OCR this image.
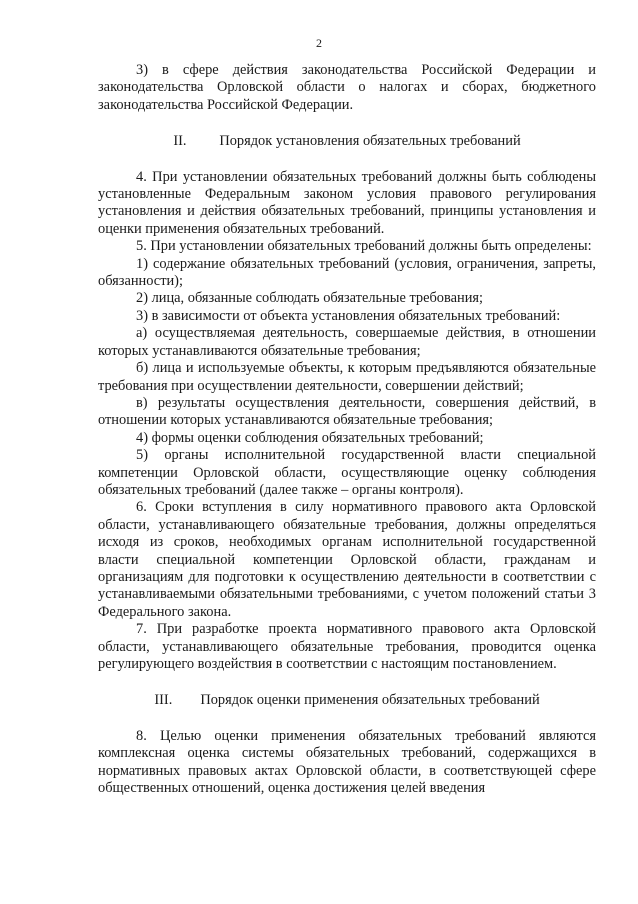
2

3) в сфере действия законодательства Российской Федерации и законодательства Орловской области о налогах и сборах, бюджетного законодательства Российской Федерации.

II. Порядок установления обязательных требований

4. При установлении обязательных требований должны быть соблюдены установленные Федеральным законом условия правового регулирования установления и действия обязательных требований, принципы установления и оценки применения обязательных требований.

5. При установлении обязательных требований должны быть определены:

1) содержание обязательных требований (условия, ограничения, запреты, обязанности);

2) лица, обязанные соблюдать обязательные требования;

3) в зависимости от объекта установления обязательных требований:

а) осуществляемая деятельность, совершаемые действия, в отношении которых устанавливаются обязательные требования;

б) лица и используемые объекты, к которым предъявляются обязательные требования при осуществлении деятельности, совершении действий;

в) результаты осуществления деятельности, совершения действий, в отношении которых устанавливаются обязательные требования;

4) формы оценки соблюдения обязательных требований;

5) органы исполнительной государственной власти специальной компетенции Орловской области, осуществляющие оценку соблюдения обязательных требований (далее также – органы контроля).

6. Сроки вступления в силу нормативного правового акта Орловской области, устанавливающего обязательные требования, должны определяться исходя из сроков, необходимых органам исполнительной государственной власти специальной компетенции Орловской области, гражданам и организациям для подготовки к осуществлению деятельности в соответствии с устанавливаемыми обязательными требованиями, с учетом положений статьи 3 Федерального закона.

7. При разработке проекта нормативного правового акта Орловской области, устанавливающего обязательные требования, проводится оценка регулирующего воздействия в соответствии с настоящим постановлением.

III. Порядок оценки применения обязательных требований

8. Целью оценки применения обязательных требований являются комплексная оценка системы обязательных требований, содержащихся в нормативных правовых актах Орловской области, в соответствующей сфере общественных отношений, оценка достижения целей введения
